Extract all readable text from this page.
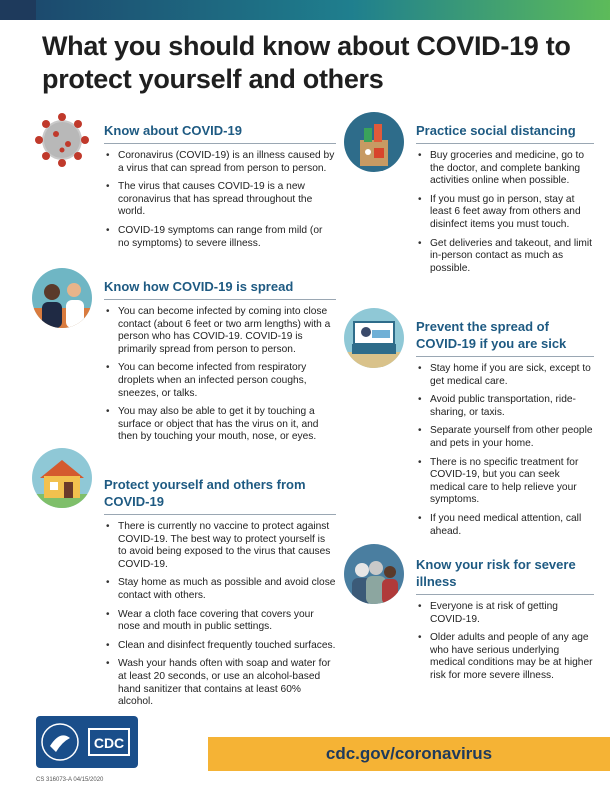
What you should know about COVID-19 to protect yourself and others
Know about COVID-19
• Coronavirus (COVID-19) is an illness caused by a virus that can spread from person to person.
• The virus that causes COVID-19 is a new coronavirus that has spread throughout the world.
• COVID-19 symptoms can range from mild (or no symptoms) to severe illness.
Know how COVID-19 is spread
• You can become infected by coming into close contact (about 6 feet or two arm lengths) with a person who has COVID-19. COVID-19 is primarily spread from person to person.
• You can become infected from respiratory droplets when an infected person coughs, sneezes, or talks.
• You may also be able to get it by touching a surface or object that has the virus on it, and then by touching your mouth, nose, or eyes.
Protect yourself and others from COVID-19
• There is currently no vaccine to protect against COVID-19. The best way to protect yourself is to avoid being exposed to the virus that causes COVID-19.
• Stay home as much as possible and avoid close contact with others.
• Wear a cloth face covering that covers your nose and mouth in public settings.
• Clean and disinfect frequently touched surfaces.
• Wash your hands often with soap and water for at least 20 seconds, or use an alcohol-based hand sanitizer that contains at least 60% alcohol.
Practice social distancing
• Buy groceries and medicine, go to the doctor, and complete banking activities online when possible.
• If you must go in person, stay at least 6 feet away from others and disinfect items you must touch.
• Get deliveries and takeout, and limit in-person contact as much as possible.
Prevent the spread of COVID-19 if you are sick
• Stay home if you are sick, except to get medical care.
• Avoid public transportation, ride-sharing, or taxis.
• Separate yourself from other people and pets in your home.
• There is no specific treatment for COVID-19, but you can seek medical care to help relieve your symptoms.
• If you need medical attention, call ahead.
Know your risk for severe illness
• Everyone is at risk of getting COVID-19.
• Older adults and people of any age who have serious underlying medical conditions may be at higher risk for more severe illness.
CDC
cdc.gov/coronavirus
CS 316073-A 04/15/2020
